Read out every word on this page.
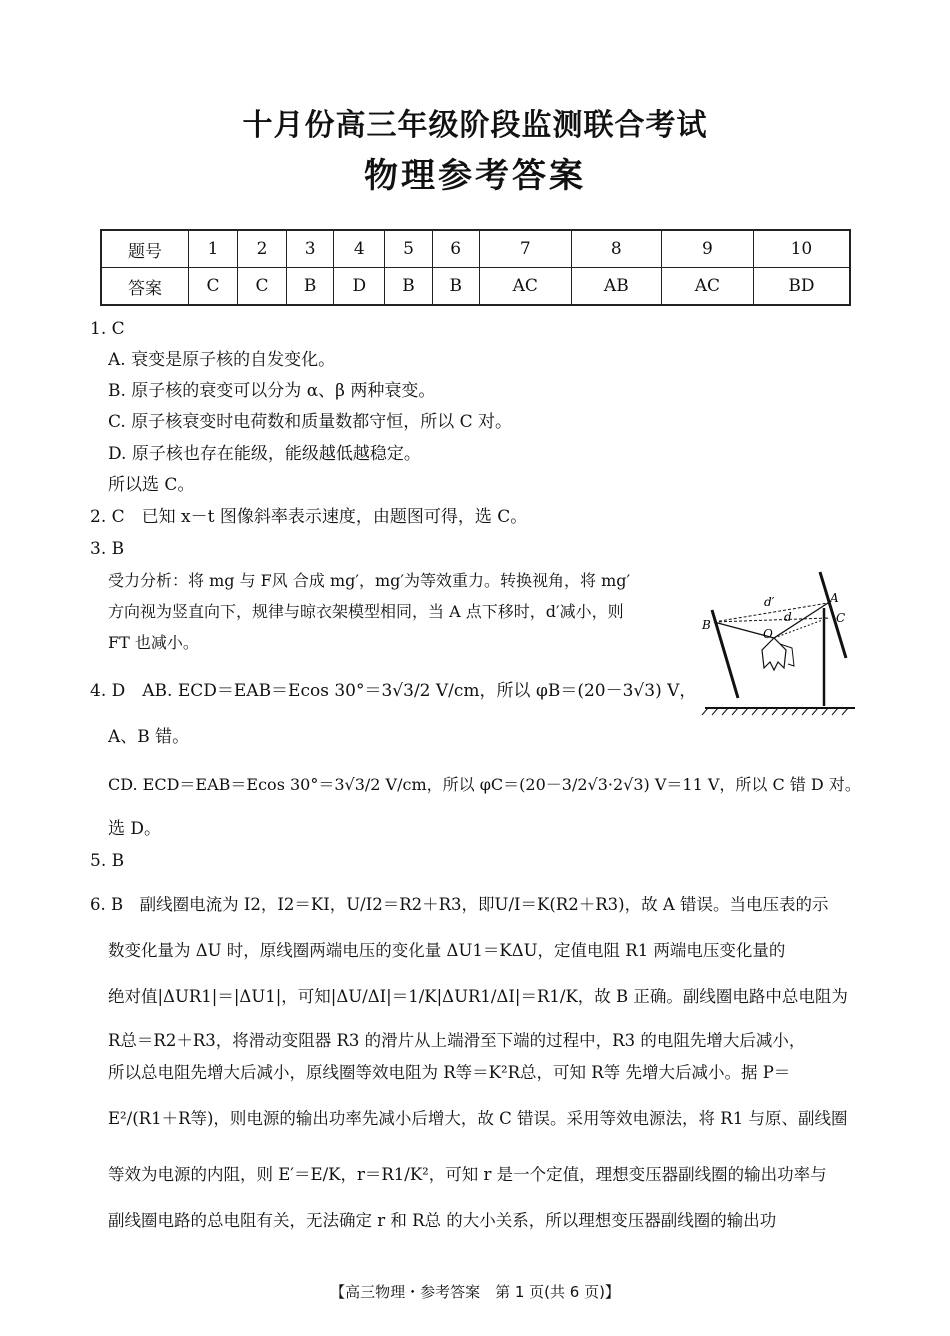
十月份高三年级阶段监测联合考试
物理参考答案
题号	1	2	3	4	5	6	7	8	9	10
答案	C	C	B	D	B	B	AC	AB	AC	BD
1. C
A. 衰变是原子核的自发变化。
B. 原子核的衰变可以分为 α、β 两种衰变。
C. 原子核衰变时电荷数和质量数都守恒，所以 C 对。
D. 原子核也存在能级，能级越低越稳定。
所以选 C。
2. C　已知 x－t 图像斜率表示速度，由题图可得，选 C。
3. B
受力分析：将 mg 与 F风 合成 mg′，mg′为等效重力。转换视角，将 mg′
方向视为竖直向下，规律与晾衣架模型相同，当 A 点下移时，d′减小，则
FT 也减小。
A
B	C
O
d′
d
4. D　AB. ECD＝EAB＝Ecos 30°＝3√3/2 V/cm，所以 φB＝(20－3√3) V，
A、B 错。
CD. ECD＝EAB＝Ecos 30°＝3√3/2 V/cm，所以 φC＝(20－3/2√3·2√3) V＝11 V，所以 C 错 D 对。
选 D。
5. B
6. B　副线圈电流为 I2，I2＝KI，U/I2＝R2＋R3，即U/I＝K(R2＋R3)，故 A 错误。当电压表的示
数变化量为 ΔU 时，原线圈两端电压的变化量 ΔU1＝KΔU，定值电阻 R1 两端电压变化量的
绝对值|ΔUR1|＝|ΔU1|，可知|ΔU/ΔI|＝1/K|ΔUR1/ΔI|＝R1/K，故 B 正确。副线圈电路中总电阻为
R总＝R2＋R3，将滑动变阻器 R3 的滑片从上端滑至下端的过程中，R3 的电阻先增大后减小，
所以总电阻先增大后减小，原线圈等效电阻为 R等＝K²R总，可知 R等 先增大后减小。据 P＝
E²/(R1＋R等)，则电源的输出功率先减小后增大，故 C 错误。采用等效电源法，将 R1 与原、副线圈
等效为电源的内阻，则 E′＝E/K，r＝R1/K²，可知 r 是一个定值，理想变压器副线圈的输出功率与
副线圈电路的总电阻有关，无法确定 r 和 R总 的大小关系，所以理想变压器副线圈的输出功
【高三物理・参考答案　第 1 页(共 6 页)】
